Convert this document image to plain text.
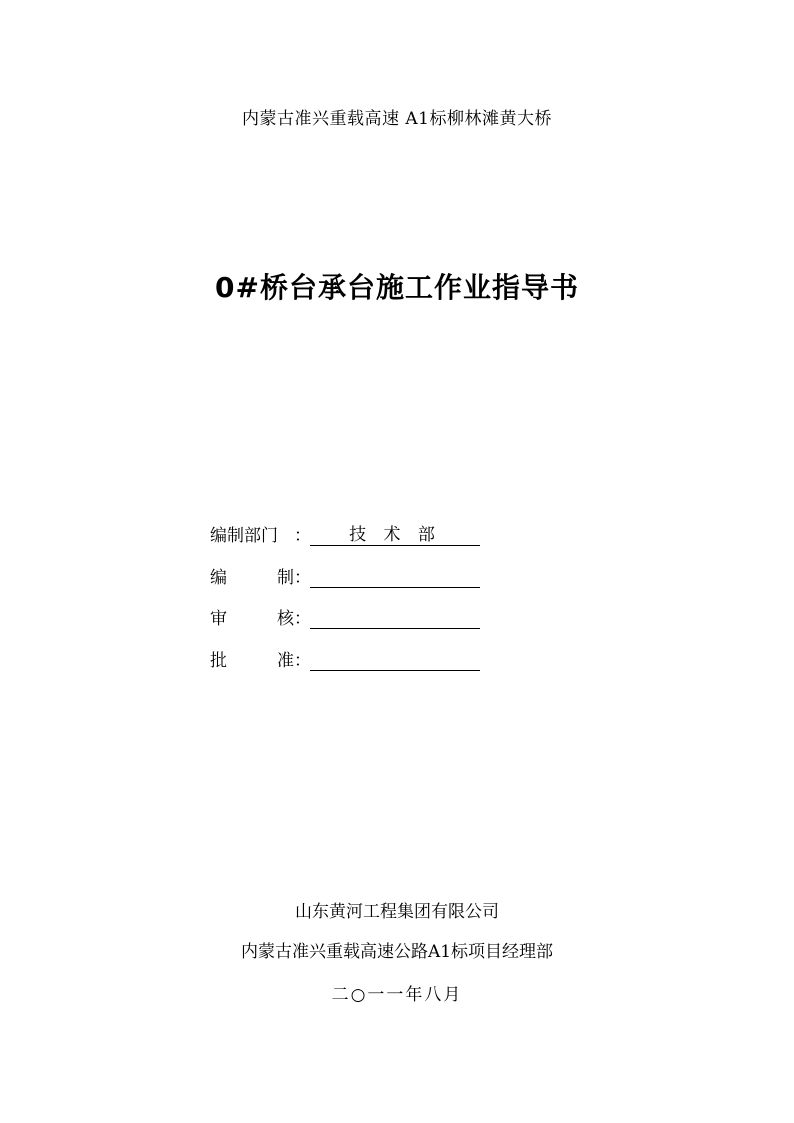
内蒙古准兴重载高速 A1标柳林滩黄大桥
0#桥台承台施工作业指导书
编制部门 ：	技 术 部
编	制 ：
审	核 ：
批	准 ：
山东黄河工程集团有限公司
内蒙古准兴重载高速公路A1标项目经理部
二○一一年八月
